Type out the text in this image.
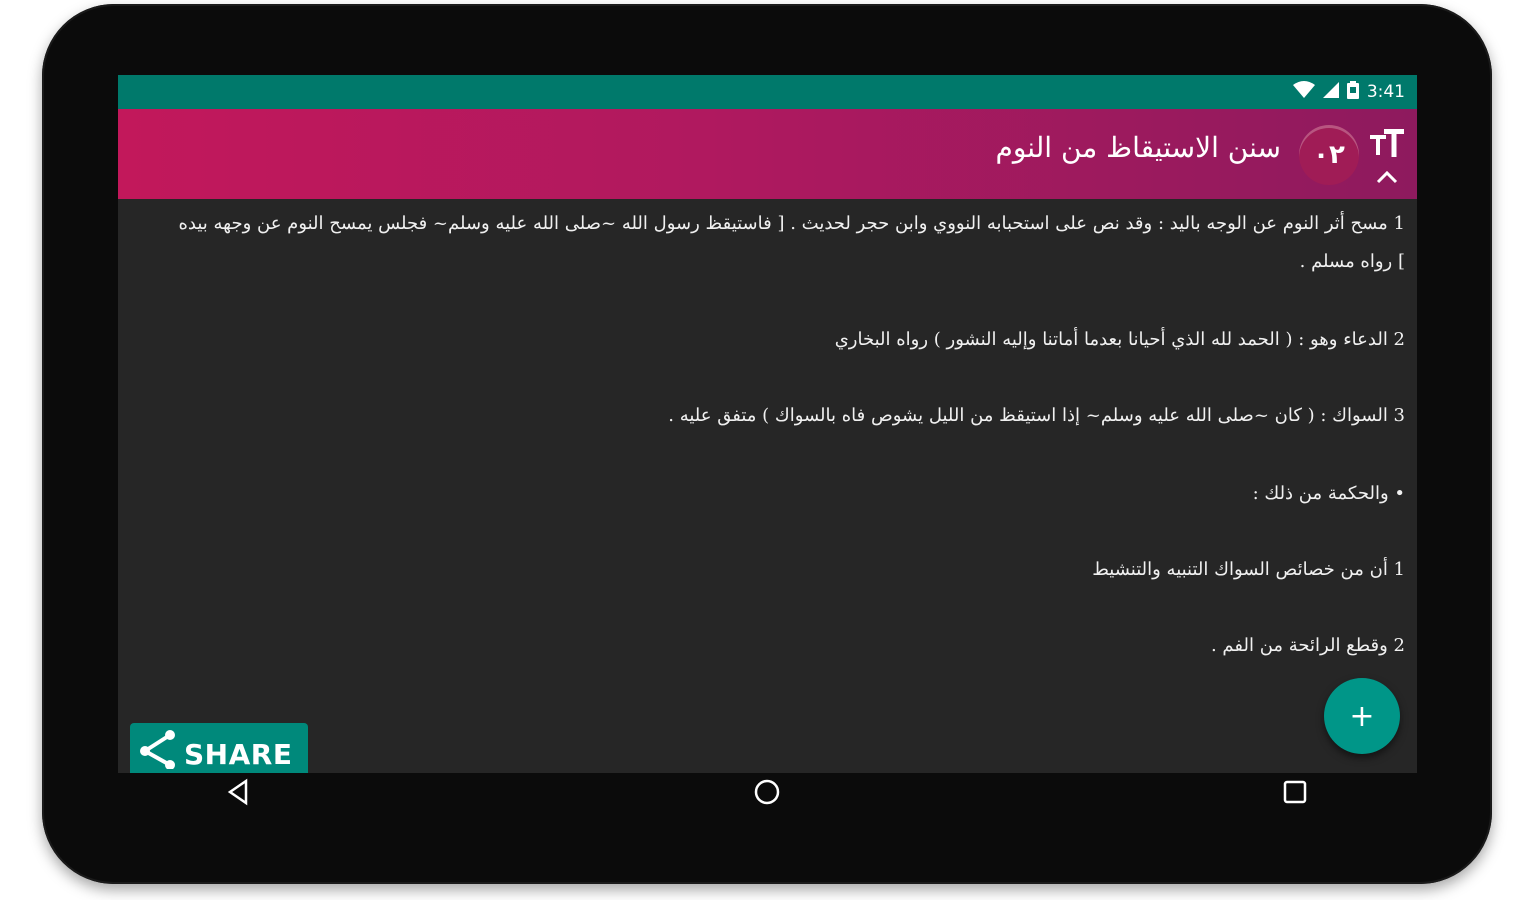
3:41
سنن الاستيقاظ من النوم	٠٢
1 مسح أثر النوم عن الوجه باليد : وقد نص على استحبابه النووي وابن حجر لحديث . [ فاستيقظ رسول الله ~صلى الله عليه وسلم~ فجلس يمسح النوم عن وجهه بيده ] رواه مسلم .
2 الدعاء وهو : ( الحمد لله الذي أحيانا بعدما أماتنا وإليه النشور ) رواه البخاري
3 السواك : ( كان ~صلى الله عليه وسلم~ إذا استيقظ من الليل يشوص فاه بالسواك ) متفق عليه .
• والحكمة من ذلك :
1 أن من خصائص السواك التنبيه والتنشيط
2 وقطع الرائحة من الفم .
+
SHARE
